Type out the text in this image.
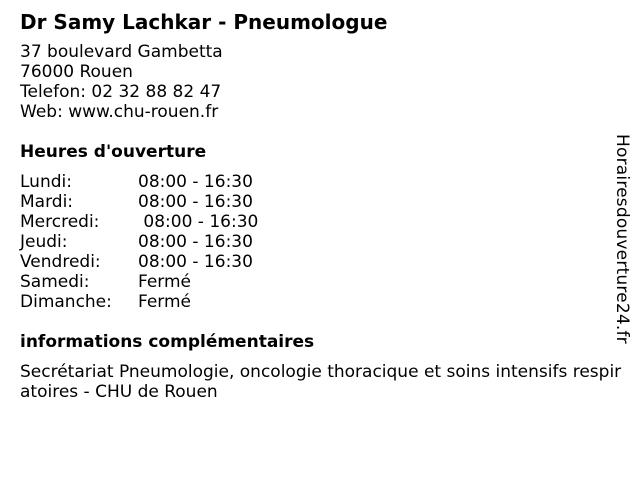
Dr Samy Lachkar - Pneumologue
37 boulevard Gambetta
76000 Rouen
Telefon: 02 32 88 82 47
Web: www.chu-rouen.fr
Heures d'ouverture
Lundi:	08:00 - 16:30
Mardi:	08:00 - 16:30
Mercredi:	08:00 - 16:30
Jeudi:	08:00 - 16:30
Vendredi:	08:00 - 16:30
Samedi:	Fermé
Dimanche:	Fermé
informations complémentaires
Secrétariat Pneumologie, oncologie thoracique et soins intensifs respiratoires - CHU de Rouen
Horairesdouverture24.fr
